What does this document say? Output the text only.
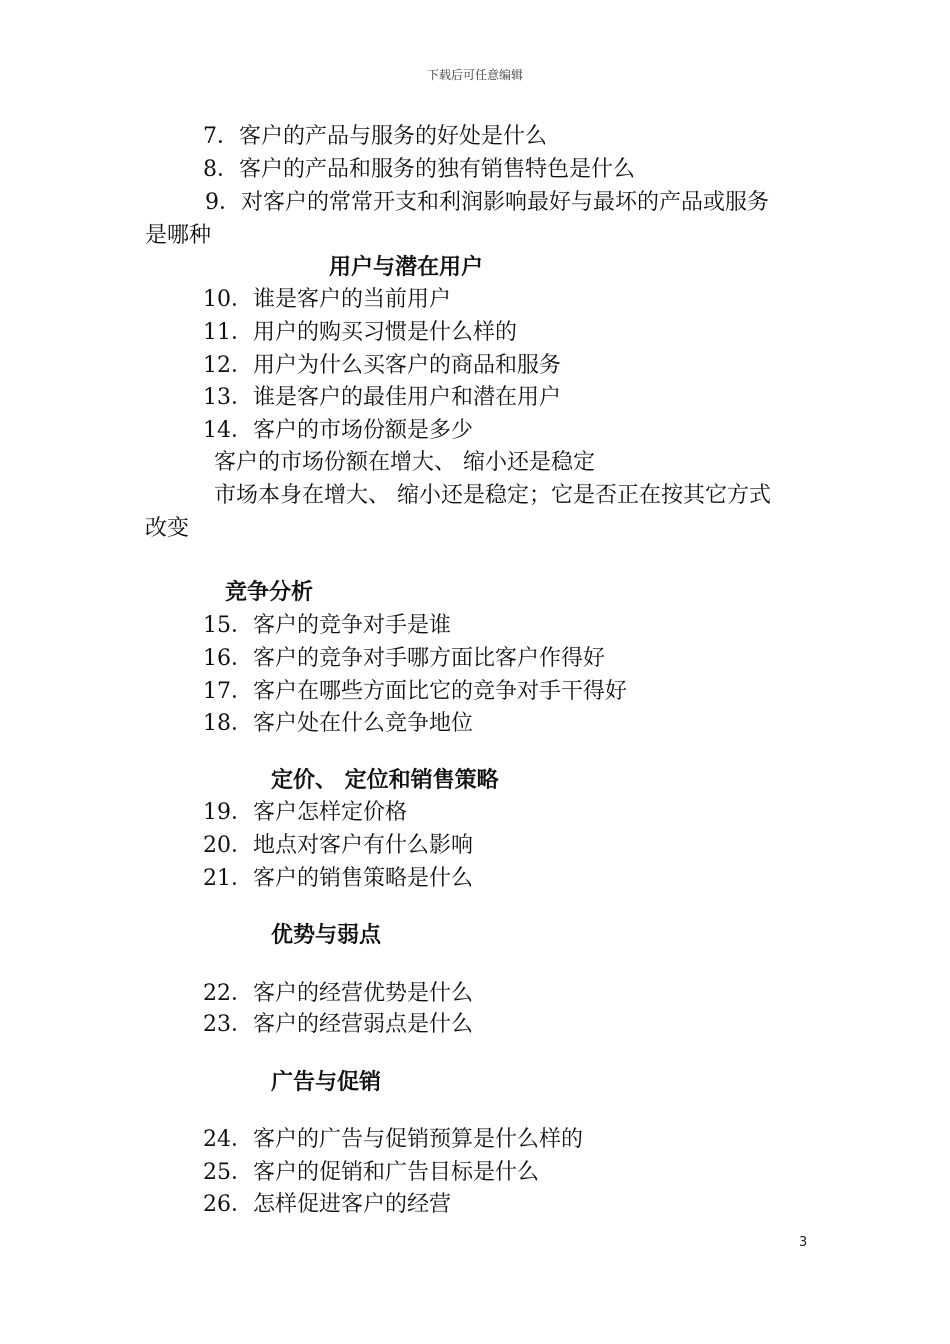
下载后可任意编辑
7．客户的产品与服务的好处是什么
8．客户的产品和服务的独有销售特色是什么
9．对客户的常常开支和利润影响最好与最坏的产品或服务
是哪种
用户与潜在用户
10．谁是客户的当前用户
11．用户的购买习惯是什么样的
12．用户为什么买客户的商品和服务
13．谁是客户的最佳用户和潜在用户
14．客户的市场份额是多少
客户的市场份额在增大、 缩小还是稳定
市场本身在增大、 缩小还是稳定；它是否正在按其它方式
改变
竞争分析
15．客户的竞争对手是谁
16．客户的竞争对手哪方面比客户作得好
17．客户在哪些方面比它的竞争对手干得好
18．客户处在什么竞争地位
定价、 定位和销售策略
19．客户怎样定价格
20．地点对客户有什么影响
21．客户的销售策略是什么
优势与弱点
22．客户的经营优势是什么
23．客户的经营弱点是什么
广告与促销
24．客户的广告与促销预算是什么样的
25．客户的促销和广告目标是什么
26．怎样促进客户的经营
3
